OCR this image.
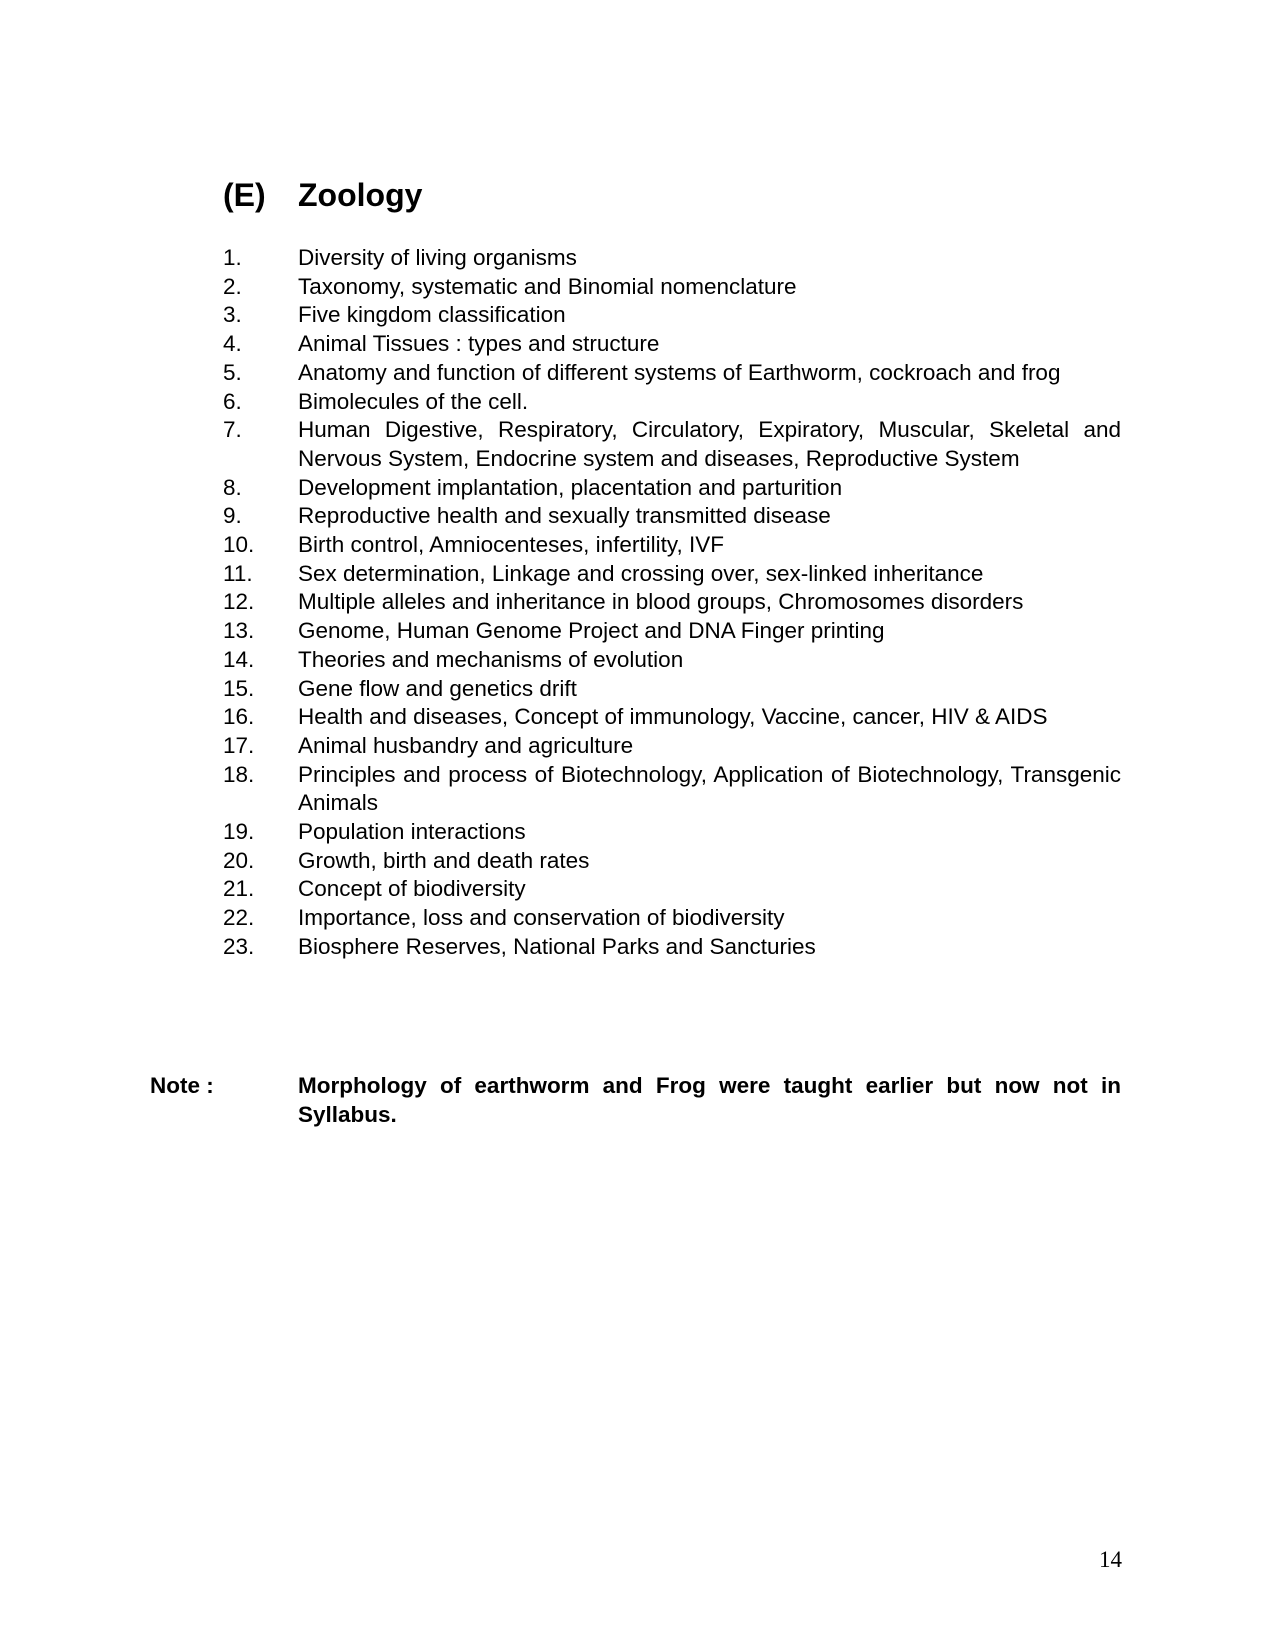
(E) Zoology
1.	Diversity of living organisms
2.	Taxonomy, systematic and Binomial nomenclature
3.	Five kingdom classification
4.	Animal Tissues : types and structure
5.	Anatomy and function of different systems of Earthworm, cockroach and frog
6.	Bimolecules of the cell.
7.	Human Digestive, Respiratory, Circulatory, Expiratory, Muscular, Skeletal and Nervous System, Endocrine system and diseases, Reproductive System
8.	Development implantation, placentation and parturition
9.	Reproductive health and sexually transmitted disease
10.	Birth control, Amniocenteses, infertility, IVF
11.	Sex determination, Linkage and crossing over, sex-linked inheritance
12.	Multiple alleles and inheritance in blood groups, Chromosomes disorders
13.	Genome, Human Genome Project and DNA Finger printing
14.	Theories and mechanisms of evolution
15.	Gene flow and genetics drift
16.	Health and diseases, Concept of immunology, Vaccine, cancer, HIV & AIDS
17.	Animal husbandry and agriculture
18.	Principles and process of Biotechnology, Application of Biotechnology, Transgenic Animals
19.	Population interactions
20.	Growth, birth and death rates
21.	Concept of biodiversity
22.	Importance, loss and conservation of biodiversity
23.	Biosphere Reserves, National Parks and Sancturies
Note :	Morphology of earthworm and Frog were taught earlier but now not in Syllabus.
14
